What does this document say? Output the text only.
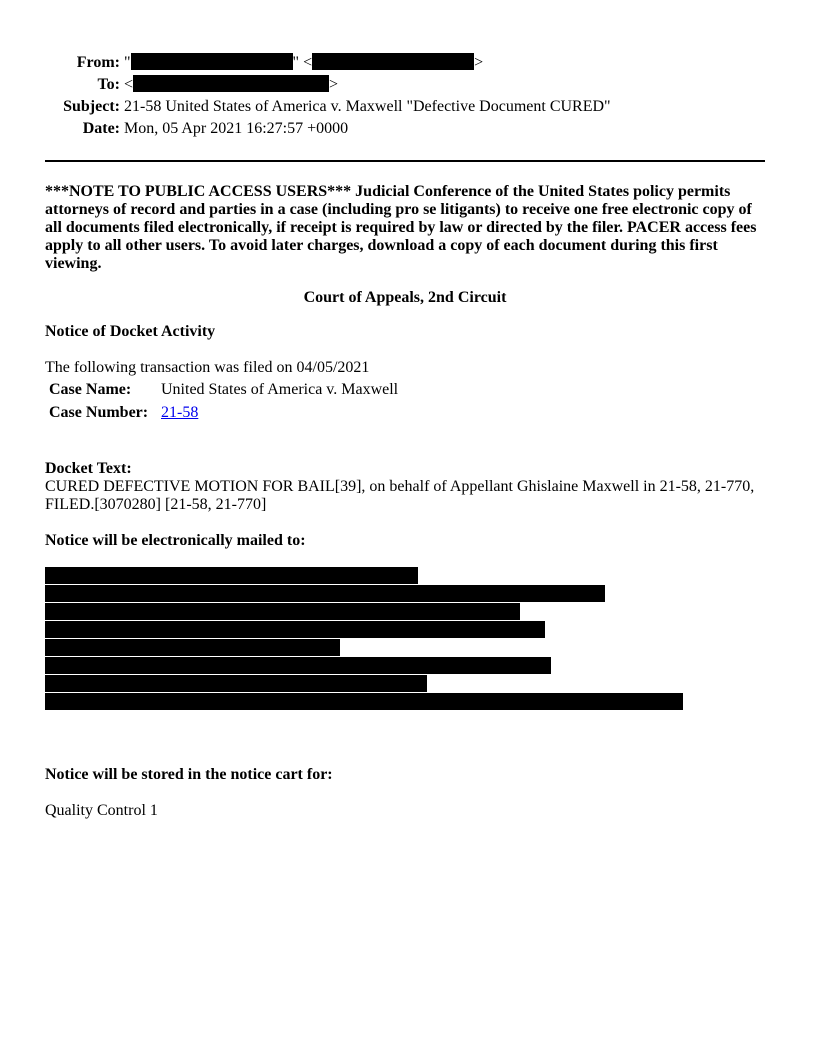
From: "	" <	>
To: <	>
Subject: 21-58 United States of America v. Maxwell "Defective Document CURED"
Date: Mon, 05 Apr 2021 16:27:57 +0000
***NOTE TO PUBLIC ACCESS USERS*** Judicial Conference of the United States policy permits attorneys of record and parties in a case (including pro se litigants) to receive one free electronic copy of all documents filed electronically, if receipt is required by law or directed by the filer. PACER access fees apply to all other users. To avoid later charges, download a copy of each document during this first viewing.
Court of Appeals, 2nd Circuit
Notice of Docket Activity
The following transaction was filed on 04/05/2021
Case Name: United States of America v. Maxwell
Case Number: 21-58
Docket Text:
CURED DEFECTIVE MOTION FOR BAIL[39], on behalf of Appellant Ghislaine Maxwell in 21-58, 21-770, FILED.[3070280] [21-58, 21-770]
Notice will be electronically mailed to:
Notice will be stored in the notice cart for:
Quality Control 1
